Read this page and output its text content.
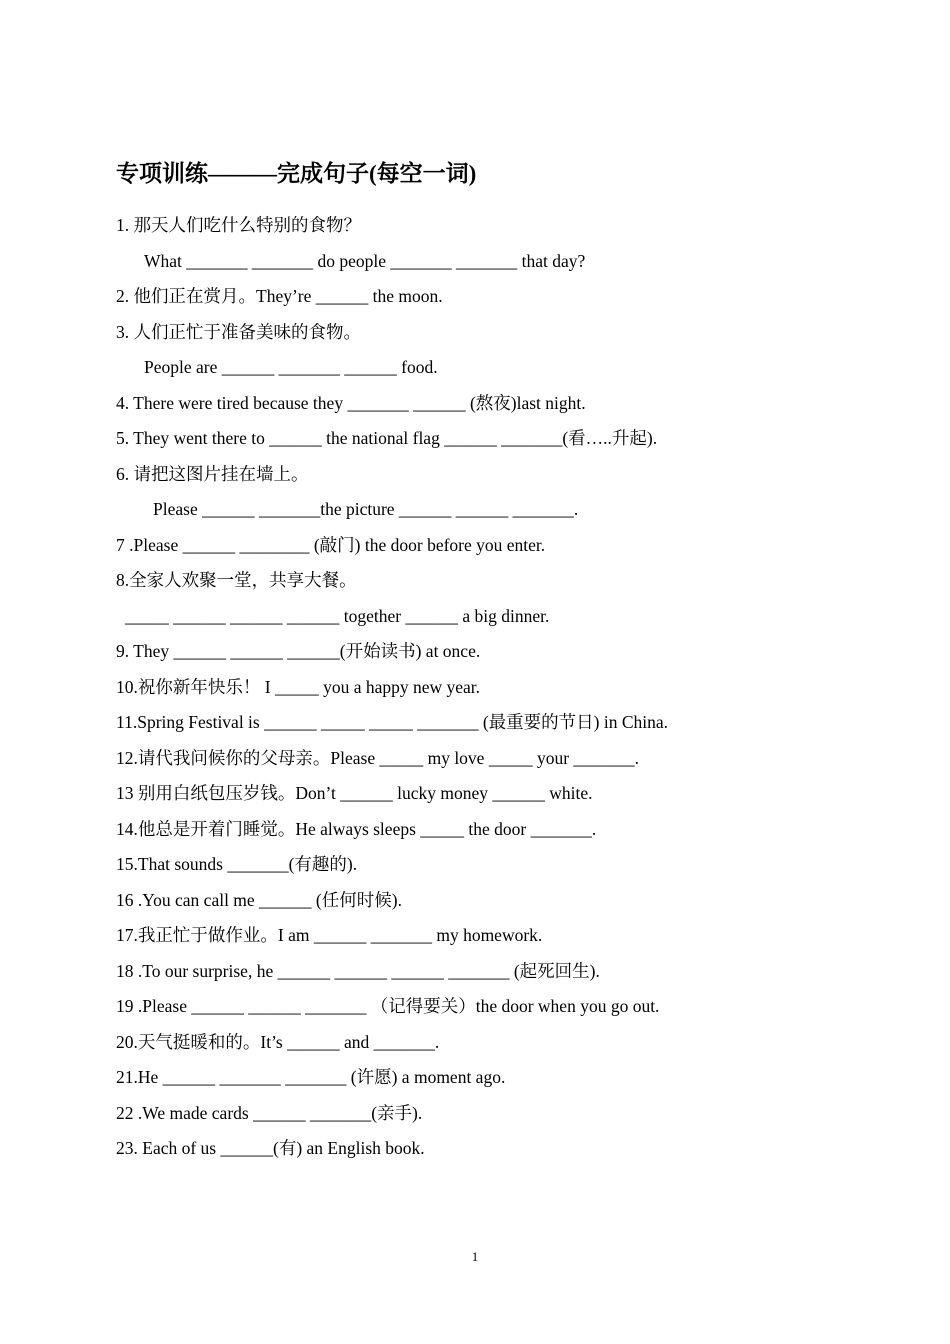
专项训练———完成句子(每空一词)
1. 那天人们吃什么特别的食物？
What _______ _______ do people _______ _______ that day?
2. 他们正在赏月。They’re ______ the moon.
3. 人们正忙于准备美味的食物。
People are ______ _______ ______ food.
4. There were tired because they _______ ______ (熬夜)last night.
5. They went there to ______ the national flag ______ _______(看…..升起).
6. 请把这图片挂在墙上。
Please ______ _______the picture ______ ______ _______.
7 .Please ______ ________ (敲门) the door before you enter.
8.全家人欢聚一堂，共享大餐。
_____ ______ ______ ______ together ______ a big dinner.
9. They ______ ______ ______(开始读书) at once.
10.祝你新年快乐！ I _____ you a happy new year.
11.Spring Festival is ______ _____ _____ _______ (最重要的节日) in China.
12.请代我问候你的父母亲。Please _____ my love _____ your _______.
13 别用白纸包压岁钱。Don’t ______ lucky money ______ white.
14.他总是开着门睡觉。He always sleeps _____ the door _______.
15.That sounds _______(有趣的).
16 .You can call me ______ (任何时候).
17.我正忙于做作业。I am ______ _______ my homework.
18 .To our surprise, he ______ ______ ______ _______ (起死回生).
19 .Please ______ ______ _______ （记得要关）the door when you go out.
20.天气挺暖和的。It’s ______ and _______.
21.He ______ _______ _______ (许愿) a moment ago.
22 .We made cards ______ _______(亲手).
23. Each of us ______(有) an English book.
1
